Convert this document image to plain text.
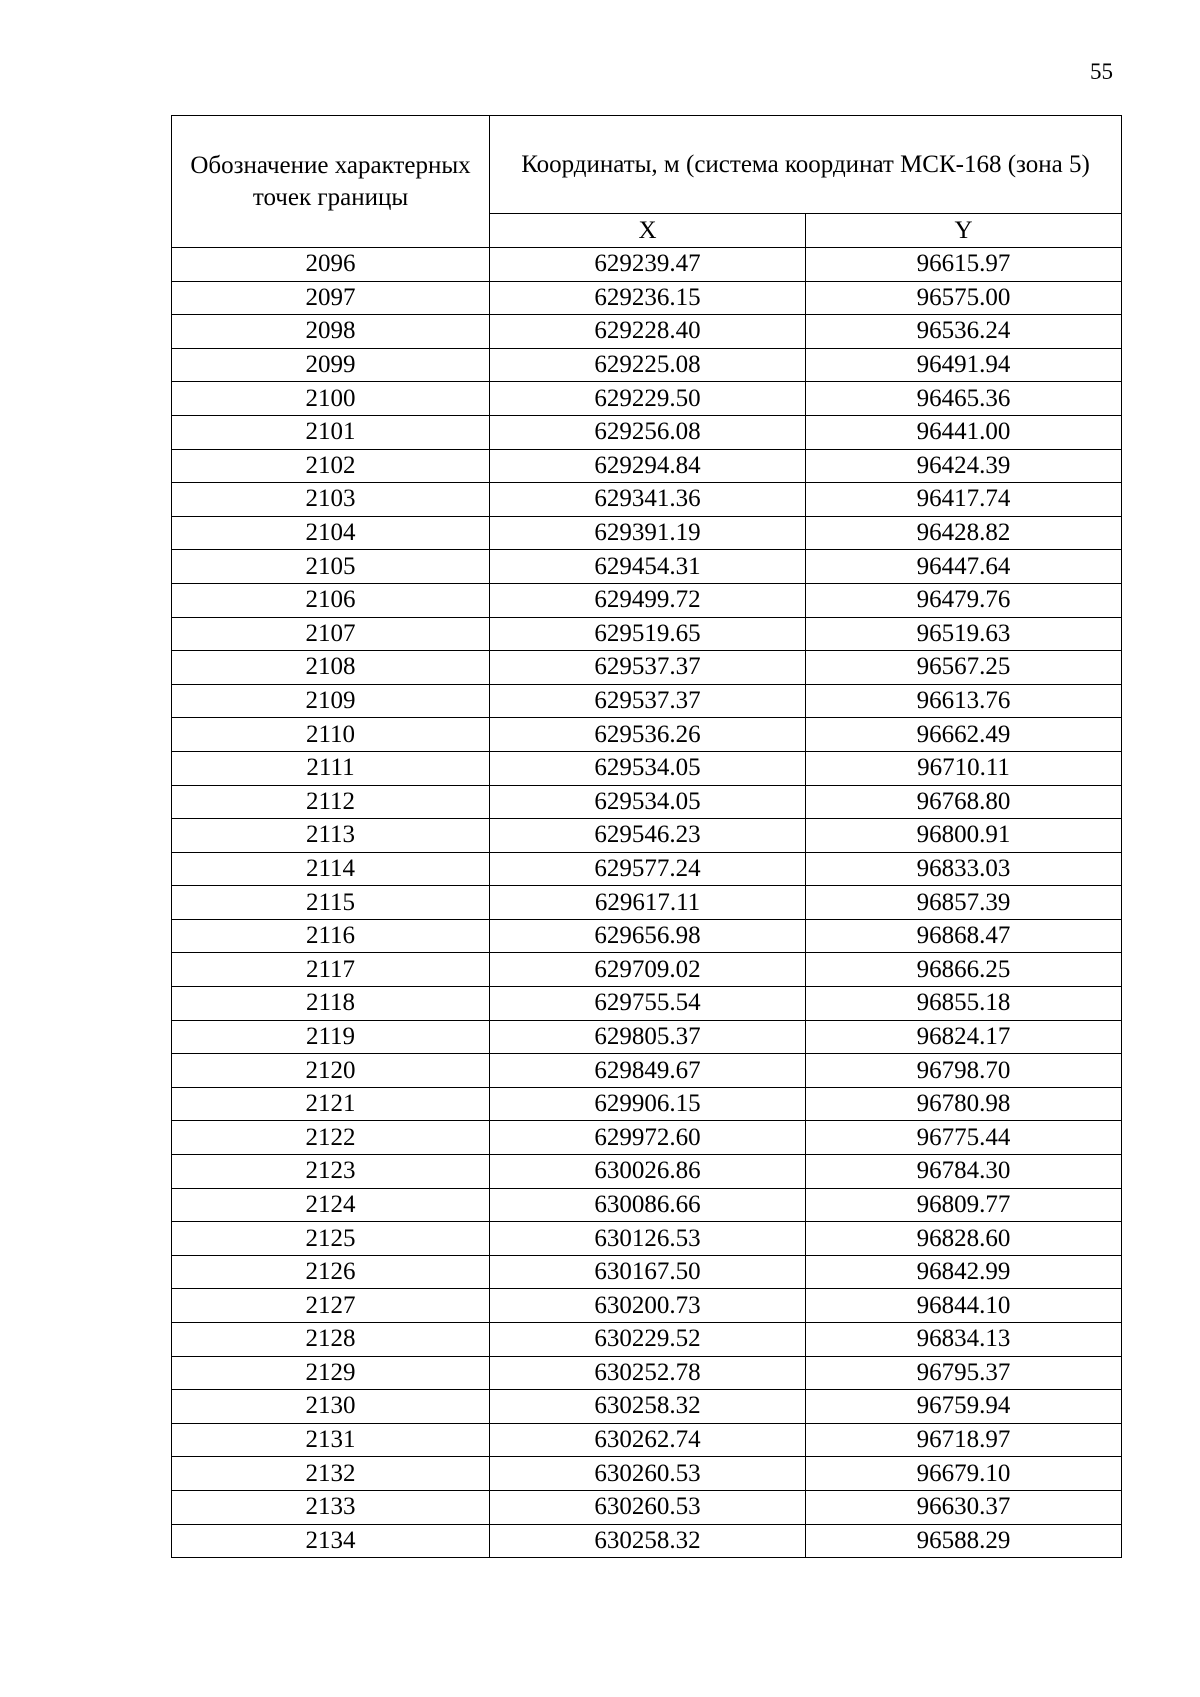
55
Обозначение характерных точек границы	Координаты, м (система координат МСК-168 (зона 5)	
	X	Y
2096	629239.47	96615.97
2097	629236.15	96575.00
2098	629228.40	96536.24
2099	629225.08	96491.94
2100	629229.50	96465.36
2101	629256.08	96441.00
2102	629294.84	96424.39
2103	629341.36	96417.74
2104	629391.19	96428.82
2105	629454.31	96447.64
2106	629499.72	96479.76
2107	629519.65	96519.63
2108	629537.37	96567.25
2109	629537.37	96613.76
2110	629536.26	96662.49
2111	629534.05	96710.11
2112	629534.05	96768.80
2113	629546.23	96800.91
2114	629577.24	96833.03
2115	629617.11	96857.39
2116	629656.98	96868.47
2117	629709.02	96866.25
2118	629755.54	96855.18
2119	629805.37	96824.17
2120	629849.67	96798.70
2121	629906.15	96780.98
2122	629972.60	96775.44
2123	630026.86	96784.30
2124	630086.66	96809.77
2125	630126.53	96828.60
2126	630167.50	96842.99
2127	630200.73	96844.10
2128	630229.52	96834.13
2129	630252.78	96795.37
2130	630258.32	96759.94
2131	630262.74	96718.97
2132	630260.53	96679.10
2133	630260.53	96630.37
2134	630258.32	96588.29
